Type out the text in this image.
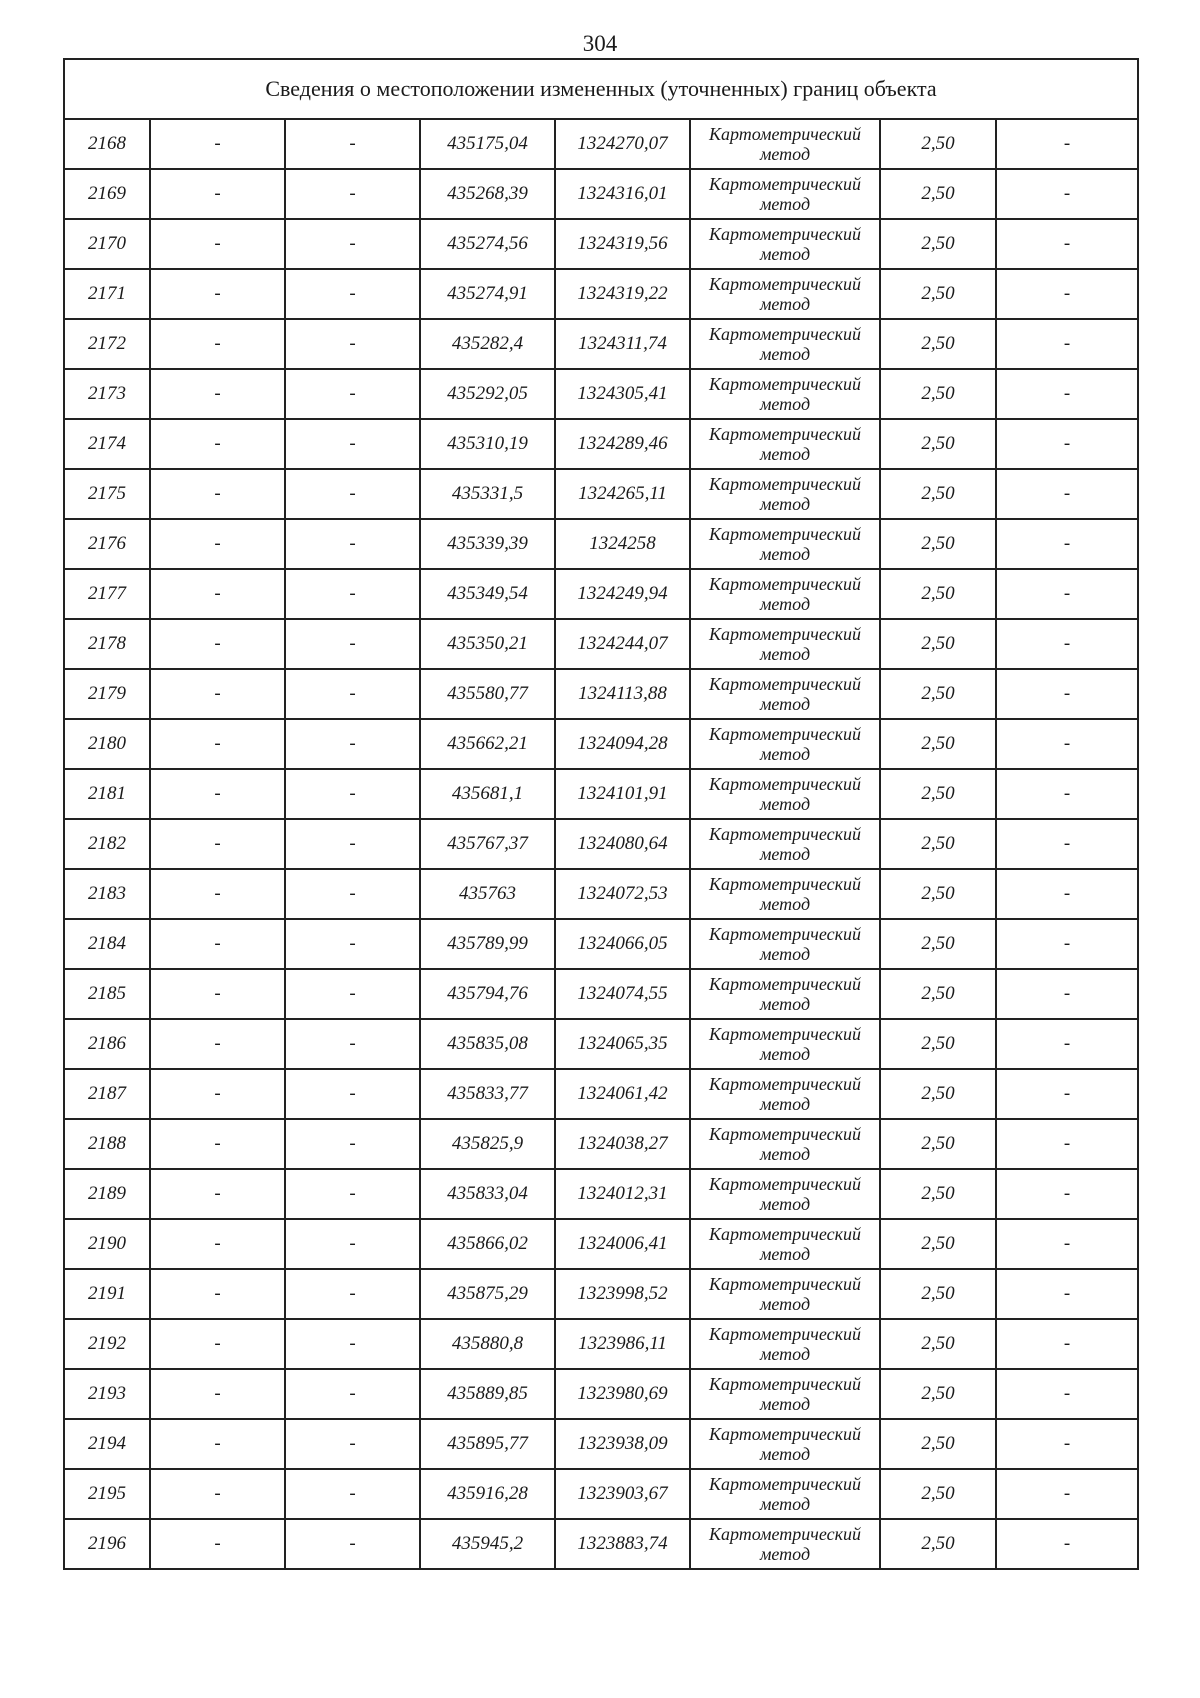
304
Сведения о местоположении измененных (уточненных) границ объекта							
2168	-	-	435175,04	1324270,07	Картометрический метод	2,50	-
2169	-	-	435268,39	1324316,01	Картометрический метод	2,50	-
2170	-	-	435274,56	1324319,56	Картометрический метод	2,50	-
2171	-	-	435274,91	1324319,22	Картометрический метод	2,50	-
2172	-	-	435282,4	1324311,74	Картометрический метод	2,50	-
2173	-	-	435292,05	1324305,41	Картометрический метод	2,50	-
2174	-	-	435310,19	1324289,46	Картометрический метод	2,50	-
2175	-	-	435331,5	1324265,11	Картометрический метод	2,50	-
2176	-	-	435339,39	1324258	Картометрический метод	2,50	-
2177	-	-	435349,54	1324249,94	Картометрический метод	2,50	-
2178	-	-	435350,21	1324244,07	Картометрический метод	2,50	-
2179	-	-	435580,77	1324113,88	Картометрический метод	2,50	-
2180	-	-	435662,21	1324094,28	Картометрический метод	2,50	-
2181	-	-	435681,1	1324101,91	Картометрический метод	2,50	-
2182	-	-	435767,37	1324080,64	Картометрический метод	2,50	-
2183	-	-	435763	1324072,53	Картометрический метод	2,50	-
2184	-	-	435789,99	1324066,05	Картометрический метод	2,50	-
2185	-	-	435794,76	1324074,55	Картометрический метод	2,50	-
2186	-	-	435835,08	1324065,35	Картометрический метод	2,50	-
2187	-	-	435833,77	1324061,42	Картометрический метод	2,50	-
2188	-	-	435825,9	1324038,27	Картометрический метод	2,50	-
2189	-	-	435833,04	1324012,31	Картометрический метод	2,50	-
2190	-	-	435866,02	1324006,41	Картометрический метод	2,50	-
2191	-	-	435875,29	1323998,52	Картометрический метод	2,50	-
2192	-	-	435880,8	1323986,11	Картометрический метод	2,50	-
2193	-	-	435889,85	1323980,69	Картометрический метод	2,50	-
2194	-	-	435895,77	1323938,09	Картометрический метод	2,50	-
2195	-	-	435916,28	1323903,67	Картометрический метод	2,50	-
2196	-	-	435945,2	1323883,74	Картометрический метод	2,50	-
